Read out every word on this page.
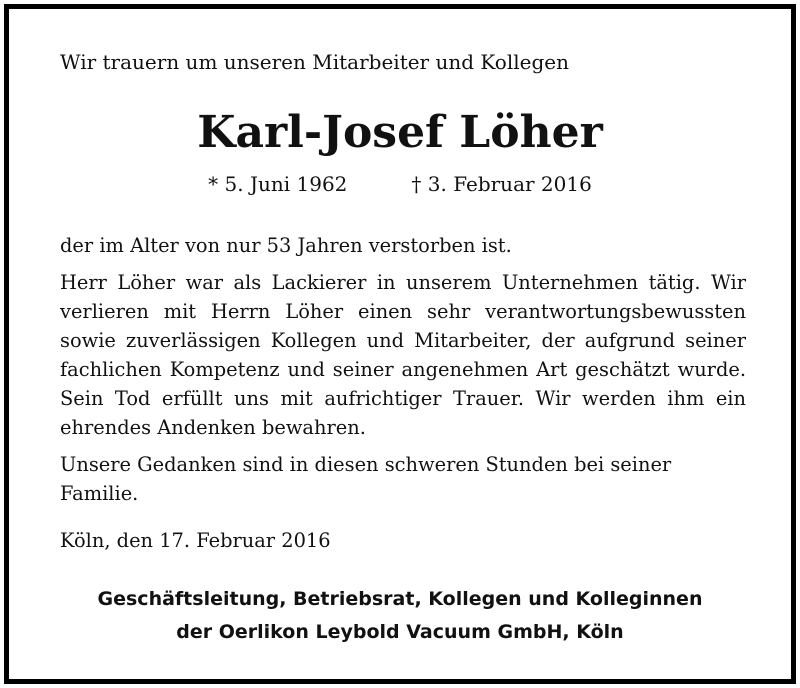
Wir trauern um unseren Mitarbeiter und Kollegen
Karl-Josef Löher
* 5. Juni 1962	† 3. Februar 2016

der im Alter von nur 53 Jahren verstorben ist.

Herr Löher war als Lackierer in unserem Unternehmen tätig. Wir verlieren mit Herrn Löher einen sehr verantwortungsbewussten sowie zuverlässigen Kollegen und Mitarbeiter, der aufgrund seiner fachlichen Kompetenz und seiner angenehmen Art geschätzt wurde. Sein Tod erfüllt uns mit aufrichtiger Trauer. Wir werden ihm ein ehrendes Andenken bewahren.

Unsere Gedanken sind in diesen schweren Stunden bei seiner Familie.

Köln, den 17. Februar 2016
Geschäftsleitung, Betriebsrat, Kollegen und Kolleginnen
der Oerlikon Leybold Vacuum GmbH, Köln
